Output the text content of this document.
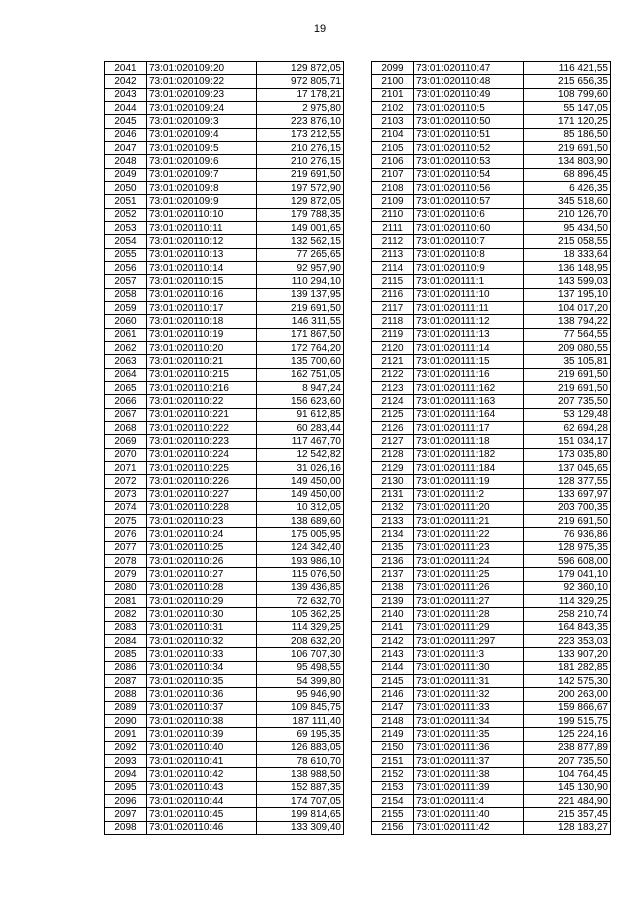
19
2041	73:01:020109:20	129 872,05
2042	73:01:020109:22	972 805,71
2043	73:01:020109:23	17 178,21
2044	73:01:020109:24	2 975,80
2045	73:01:020109:3	223 876,10
2046	73:01:020109:4	173 212,55
2047	73:01:020109:5	210 276,15
2048	73:01:020109:6	210 276,15
2049	73:01:020109:7	219 691,50
2050	73:01:020109:8	197 572,90
2051	73:01:020109:9	129 872,05
2052	73:01:020110:10	179 788,35
2053	73:01:020110:11	149 001,65
2054	73:01:020110:12	132 562,15
2055	73:01:020110:13	77 265,65
2056	73:01:020110:14	92 957,90
2057	73:01:020110:15	110 294,10
2058	73:01:020110:16	139 137,95
2059	73:01:020110:17	219 691,50
2060	73:01:020110:18	146 311,55
2061	73:01:020110:19	171 867,50
2062	73:01:020110:20	172 764,20
2063	73:01:020110:21	135 700,60
2064	73:01:020110:215	162 751,05
2065	73:01:020110:216	8 947,24
2066	73:01:020110:22	156 623,60
2067	73:01:020110:221	91 612,85
2068	73:01:020110:222	60 283,44
2069	73:01:020110:223	117 467,70
2070	73:01:020110:224	12 542,82
2071	73:01:020110:225	31 026,16
2072	73:01:020110:226	149 450,00
2073	73:01:020110:227	149 450,00
2074	73:01:020110:228	10 312,05
2075	73:01:020110:23	138 689,60
2076	73:01:020110:24	175 005,95
2077	73:01:020110:25	124 342,40
2078	73:01:020110:26	193 986,10
2079	73:01:020110:27	115 076,50
2080	73:01:020110:28	139 436,85
2081	73:01:020110:29	72 632,70
2082	73:01:020110:30	105 362,25
2083	73:01:020110:31	114 329,25
2084	73:01:020110:32	208 632,20
2085	73:01:020110:33	106 707,30
2086	73:01:020110:34	95 498,55
2087	73:01:020110:35	54 399,80
2088	73:01:020110:36	95 946,90
2089	73:01:020110:37	109 845,75
2090	73:01:020110:38	187 111,40
2091	73:01:020110:39	69 195,35
2092	73:01:020110:40	126 883,05
2093	73:01:020110:41	78 610,70
2094	73:01:020110:42	138 988,50
2095	73:01:020110:43	152 887,35
2096	73:01:020110:44	174 707,05
2097	73:01:020110:45	199 814,65
2098	73:01:020110:46	133 309,40
2099	73:01:020110:47	116 421,55
2100	73:01:020110:48	215 656,35
2101	73:01:020110:49	108 799,60
2102	73:01:020110:5	55 147,05
2103	73:01:020110:50	171 120,25
2104	73:01:020110:51	85 186,50
2105	73:01:020110:52	219 691,50
2106	73:01:020110:53	134 803,90
2107	73:01:020110:54	68 896,45
2108	73:01:020110:56	6 426,35
2109	73:01:020110:57	345 518,60
2110	73:01:020110:6	210 126,70
2111	73:01:020110:60	95 434,50
2112	73:01:020110:7	215 058,55
2113	73:01:020110:8	18 333,64
2114	73:01:020110:9	136 148,95
2115	73:01:020111:1	143 599,03
2116	73:01:020111:10	137 195,10
2117	73:01:020111:11	104 017,20
2118	73:01:020111:12	138 794,22
2119	73:01:020111:13	77 564,55
2120	73:01:020111:14	209 080,55
2121	73:01:020111:15	35 105,81
2122	73:01:020111:16	219 691,50
2123	73:01:020111:162	219 691,50
2124	73:01:020111:163	207 735,50
2125	73:01:020111:164	53 129,48
2126	73:01:020111:17	62 694,28
2127	73:01:020111:18	151 034,17
2128	73:01:020111:182	173 035,80
2129	73:01:020111:184	137 045,65
2130	73:01:020111:19	128 377,55
2131	73:01:020111:2	133 697,97
2132	73:01:020111:20	203 700,35
2133	73:01:020111:21	219 691,50
2134	73:01:020111:22	76 936,86
2135	73:01:020111:23	128 975,35
2136	73:01:020111:24	596 608,00
2137	73:01:020111:25	179 041,10
2138	73:01:020111:26	92 360,10
2139	73:01:020111:27	114 329,25
2140	73:01:020111:28	258 210,74
2141	73:01:020111:29	164 843,35
2142	73:01:020111:297	223 353,03
2143	73:01:020111:3	133 907,20
2144	73:01:020111:30	181 282,85
2145	73:01:020111:31	142 575,30
2146	73:01:020111:32	200 263,00
2147	73:01:020111:33	159 866,67
2148	73:01:020111:34	199 515,75
2149	73:01:020111:35	125 224,16
2150	73:01:020111:36	238 877,89
2151	73:01:020111:37	207 735,50
2152	73:01:020111:38	104 764,45
2153	73:01:020111:39	145 130,90
2154	73:01:020111:4	221 484,90
2155	73:01:020111:40	215 357,45
2156	73:01:020111:42	128 183,27
